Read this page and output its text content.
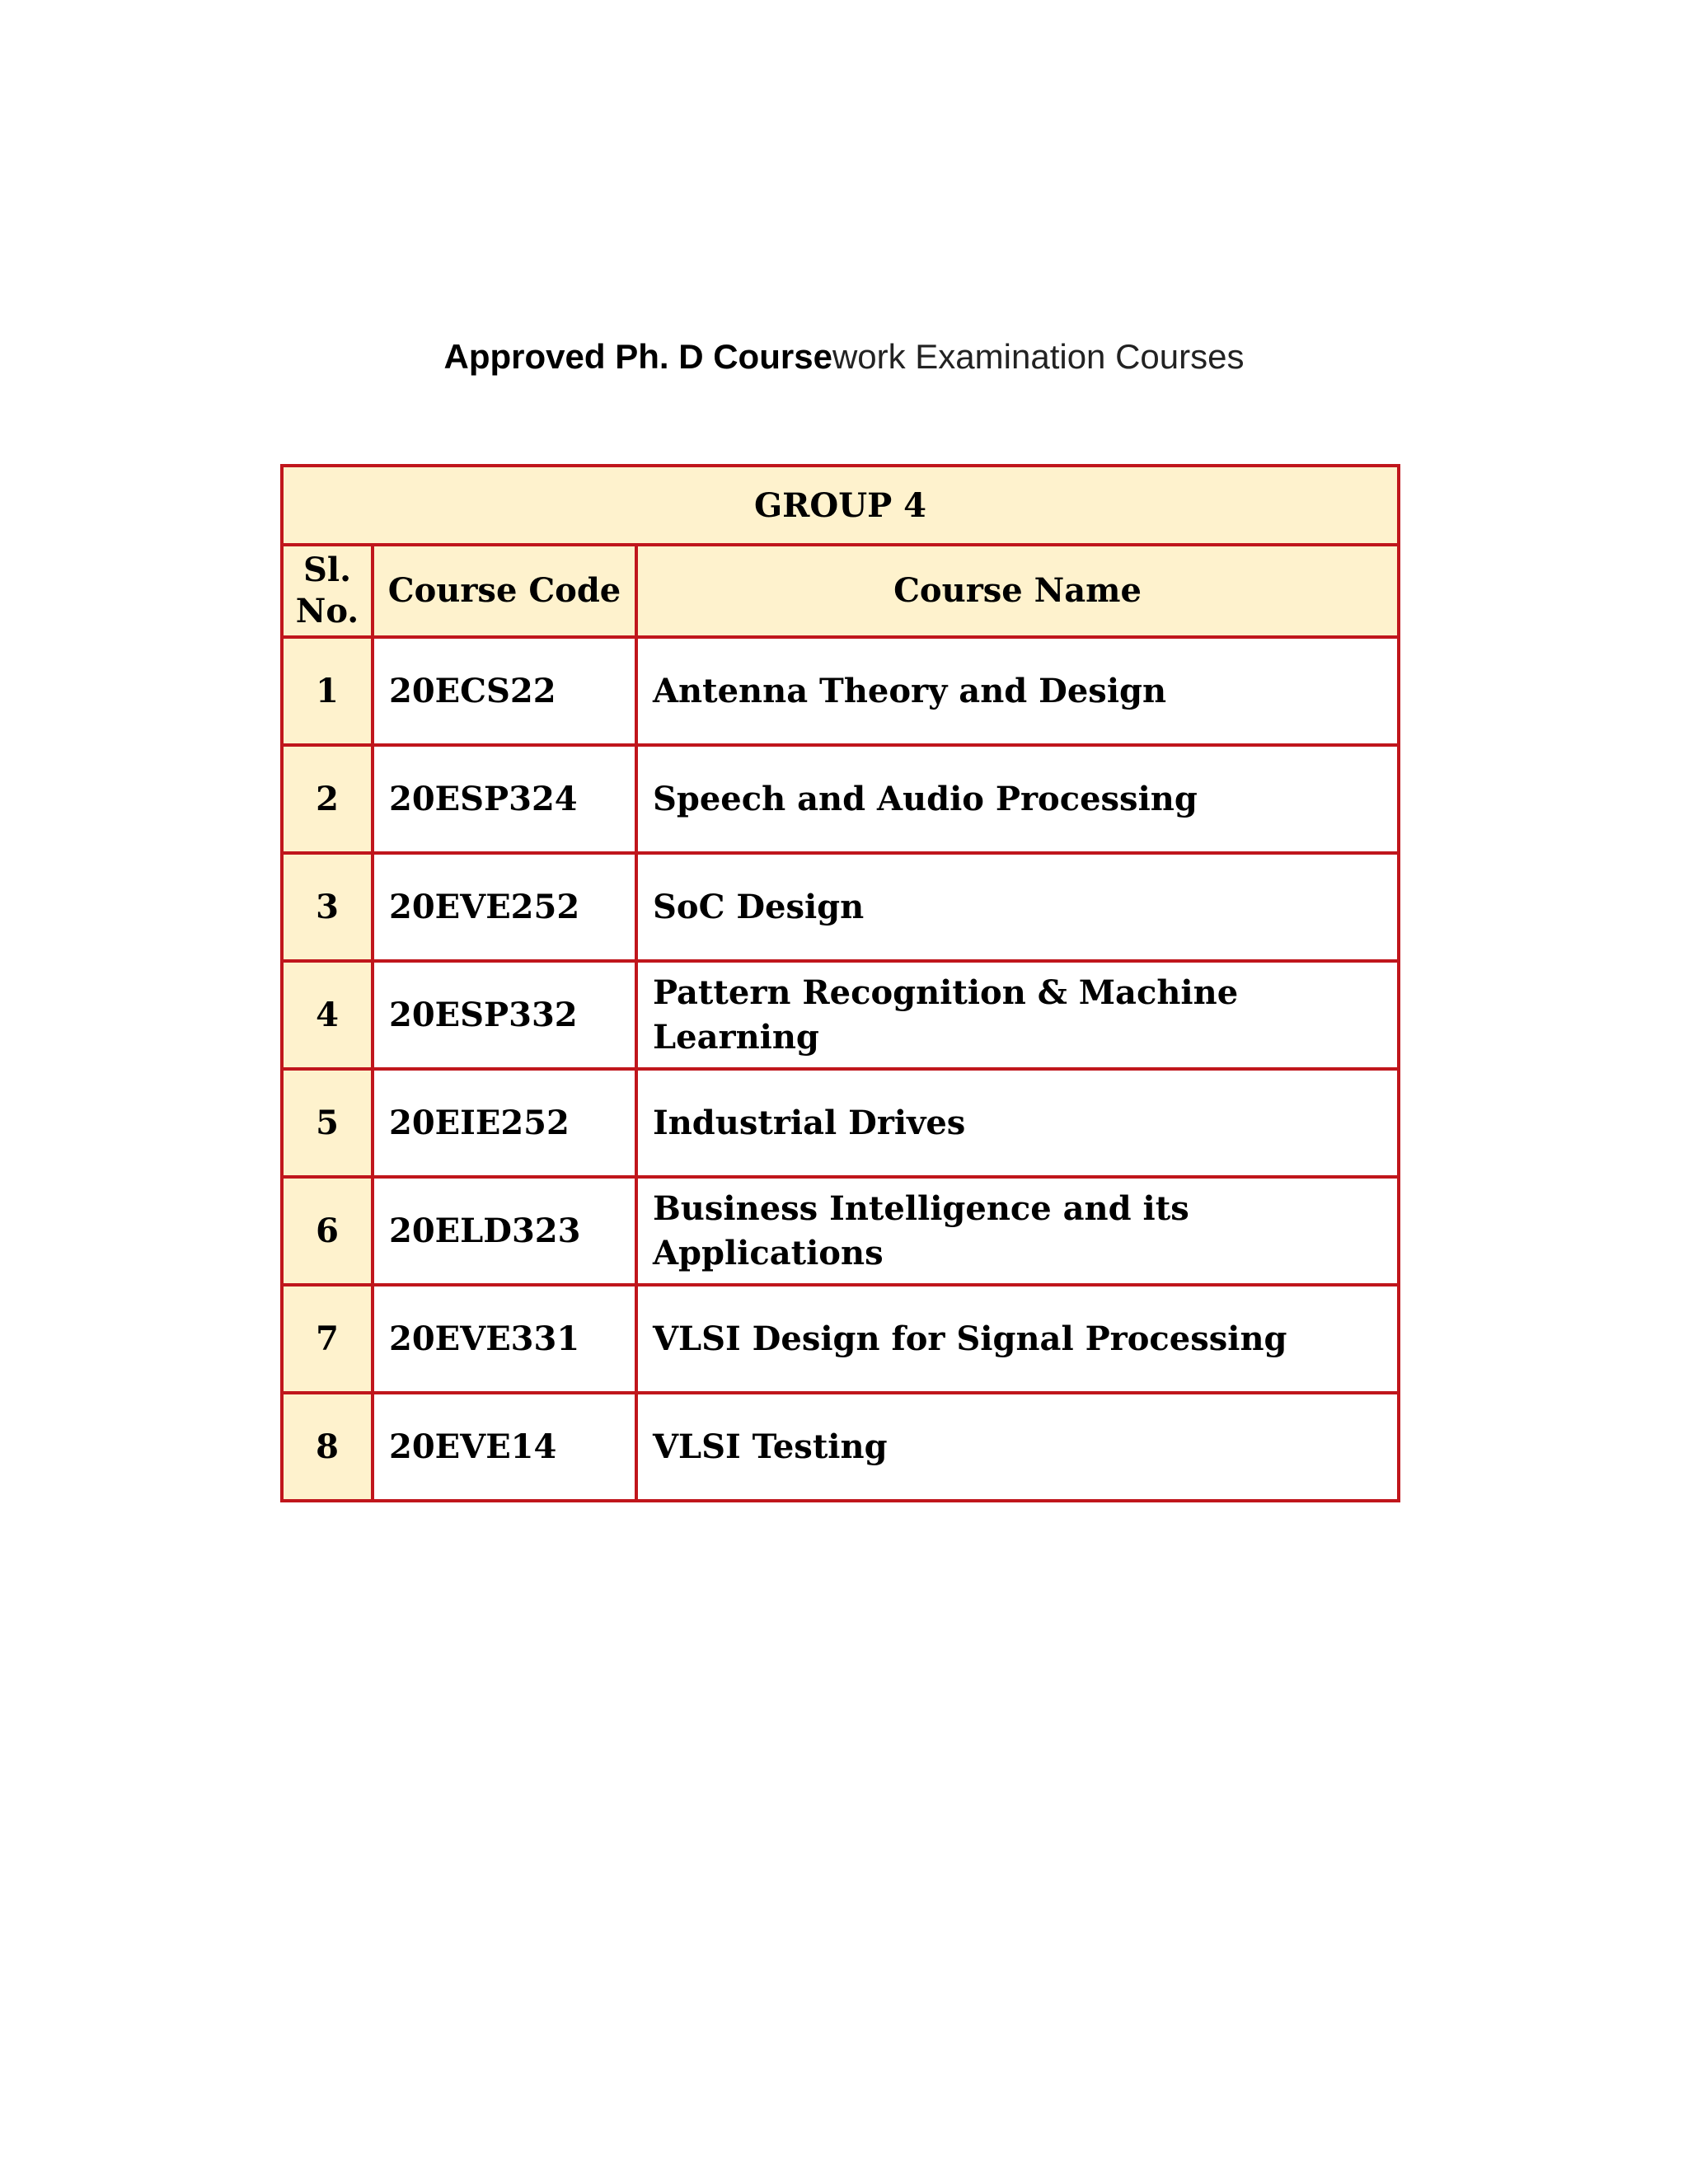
Approved Ph. D Coursework Examination Courses
GROUP 4		
Sl. No.	Course Code	Course Name
1	20ECS22	Antenna Theory and Design
2	20ESP324	Speech and Audio Processing
3	20EVE252	SoC Design
4	20ESP332	Pattern Recognition & Machine Learning
5	20EIE252	Industrial Drives
6	20ELD323	Business Intelligence and its Applications
7	20EVE331	VLSI Design for Signal Processing
8	20EVE14	VLSI Testing
